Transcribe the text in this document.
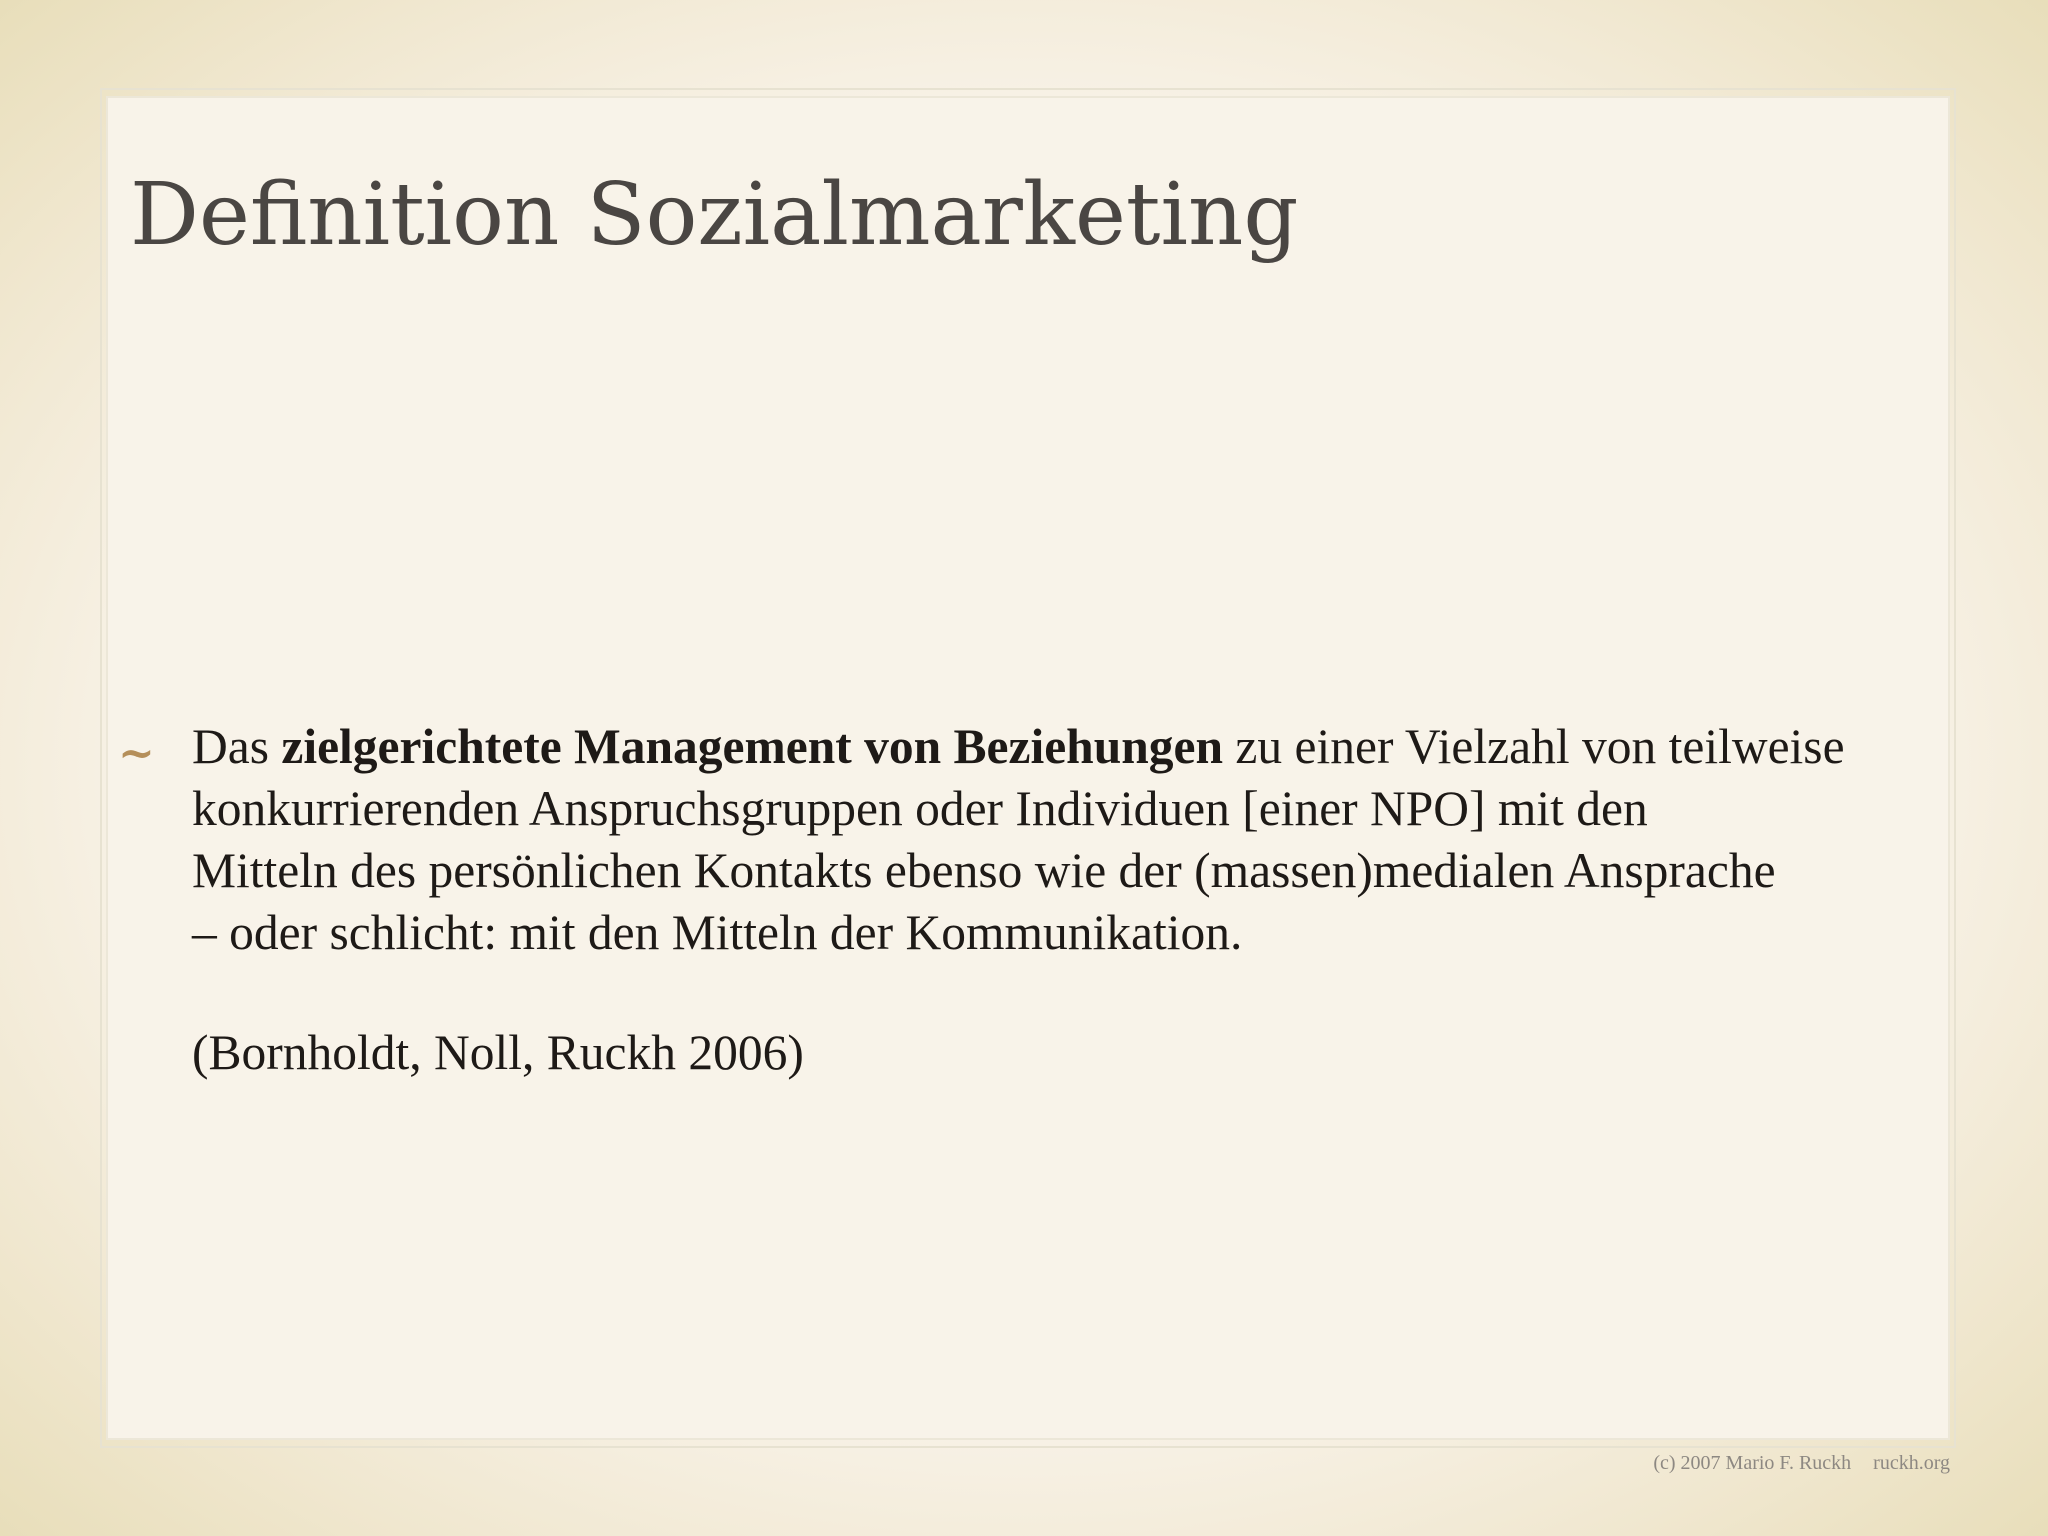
Definition Sozialmarketing
~ Das zielgerichtete Management von Beziehungen zu einer Vielzahl von teilweise
konkurrierenden Anspruchsgruppen oder Individuen [einer NPO] mit den
Mitteln des persönlichen Kontakts ebenso wie der (massen)medialen Ansprache
– oder schlicht: mit den Mitteln der Kommunikation.
(Bornholdt, Noll, Ruckh 2006)
(c) 2007 Mario F. Ruckh ruckh.org
